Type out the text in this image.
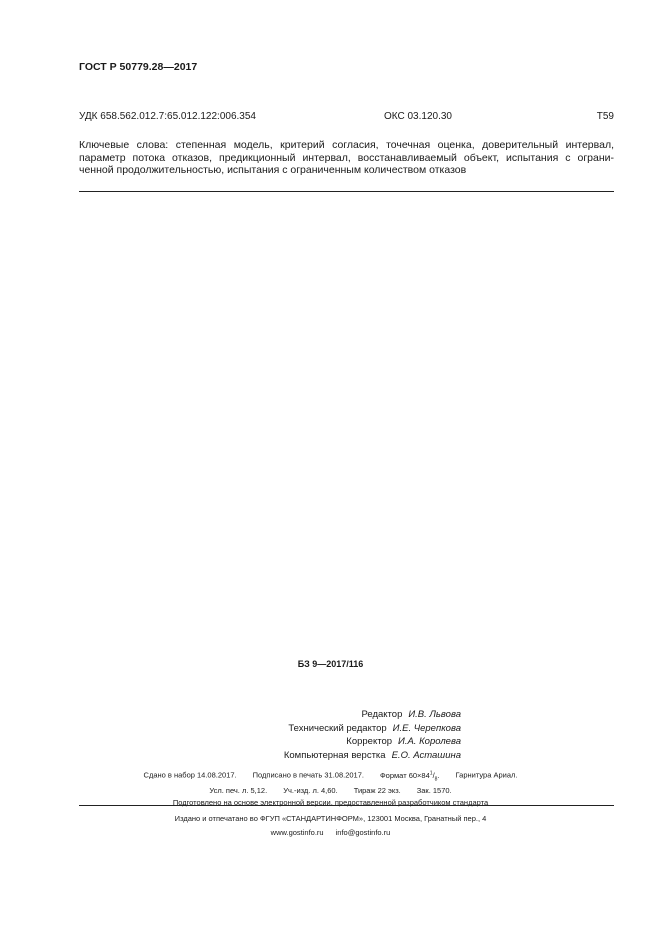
ГОСТ Р 50779.28—2017
УДК 658.562.012.7:65.012.122:006.354	ОКС 03.120.30	Т59
Ключевые слова: степенная модель, критерий согласия, точечная оценка, доверительный интервал,
параметр потока отказов, предикционный интервал, восстанавливаемый объект, испытания с ограни-
ченной продолжительностью, испытания с ограниченным количеством отказов
БЗ 9—2017/116
Редактор И.В. Львова
Технический редактор И.Е. Черепкова
Корректор И.А. Королева
Компьютерная верстка Е.О. Асташина
Сдано в набор 14.08.2017. Подписано в печать 31.08.2017. Формат $60\times 84^1/_8$. Гарнитура Ариал.
Усл. печ. л. 5,12. Уч.-изд. л. 4,60. Тираж 22 экз. Зак. 1570.
Подготовлено на основе электронной версии, предоставленной разработчиком стандарта
Издано и отпечатано во ФГУП «СТАНДАРТИНФОРМ», 123001 Москва, Гранатный пер., 4
www.gostinfo.ru info@gostinfo.ru
